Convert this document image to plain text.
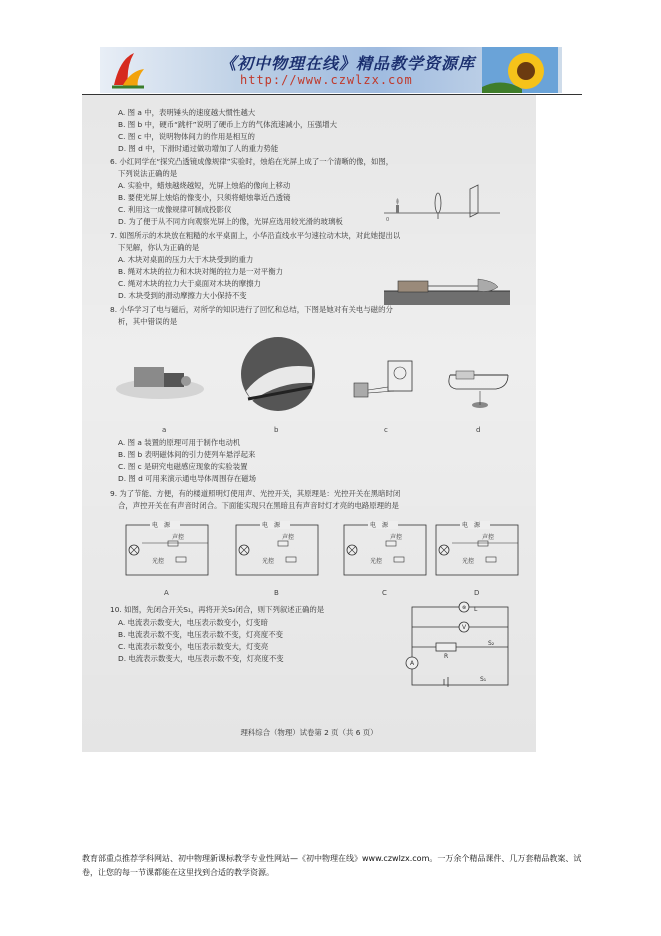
《初中物理在线》精品教学资源库
http://www.czwlzx.com
A. 图 a 中，表明锤头的速度越大惯性越大
B. 图 b 中，硬币“跳杆”说明了硬币上方的气体流速减小，压强增大
C. 图 c 中，说明物体间力的作用是相互的
D. 图 d 中，下滑时通过做功增加了人的重力势能
6. 小红同学在“探究凸透镜成像规律”实验时，烛焰在光屏上成了一个清晰的像，如图，
下列说法正确的是
A. 实验中，蜡烛越烧越短，光屏上烛焰的像向上移动
B. 要使光屏上烛焰的像变小，只须将蜡烛靠近凸透镜
C. 利用这一成像规律可制成投影仪
D. 为了便于从不同方向观察光屏上的像，光屏应选用较光滑的玻璃板
7. 如图所示的木块放在粗糙的水平桌面上，小华沿直线水平匀速拉动木块，对此她提出以
下见解，你认为正确的是
A. 木块对桌面的压力大于木块受到的重力
B. 绳对木块的拉力和木块对绳的拉力是一对平衡力
C. 绳对木块的拉力大于桌面对木块的摩擦力
D. 木块受到的滑动摩擦力大小保持不变
8. 小华学习了电与磁后，对所学的知识进行了回忆和总结，下图是她对有关电与磁的分
析，其中错误的是
A. 图 a 装置的原理可用于制作电动机
B. 图 b 表明磁体间的引力使列车悬浮起来
C. 图 c 是研究电磁感应现象的实验装置
D. 图 d 可用来演示通电导体周围存在磁场
9. 为了节能、方便，有的楼道照明灯使用声、光控开关，其原理是：光控开关在黑暗时闭
合，声控开关在有声音时闭合。下面能实现只在黑暗且有声音时灯才亮的电路原理的是
10. 如图，先闭合开关S₁，再将开关S₂闭合，则下列叙述正确的是
A. 电流表示数变大，电压表示数变小，灯变暗
B. 电流表示数不变，电压表示数不变，灯亮度不变
C. 电流表示数变小，电压表示数变大，灯变亮
D. 电流表示数变大，电压表示数不变，灯亮度不变
0
a	b	c	d
电　源
声控
光控
A
电　源
声控
光控
B
电　源
声控
光控
C
电　源
声控
光控
D
⊗ L
V
R
S₂
S₁
A
理科综合（物理）试卷第 2 页（共 6 页）
教育部重点推荐学科网站、初中物理新课标教学专业性网站—《初中物理在线》www.czwlzx.com。一万余个精品课件、几万套精品教案、试卷，让您的每一节课都能在这里找到合适的教学资源。
